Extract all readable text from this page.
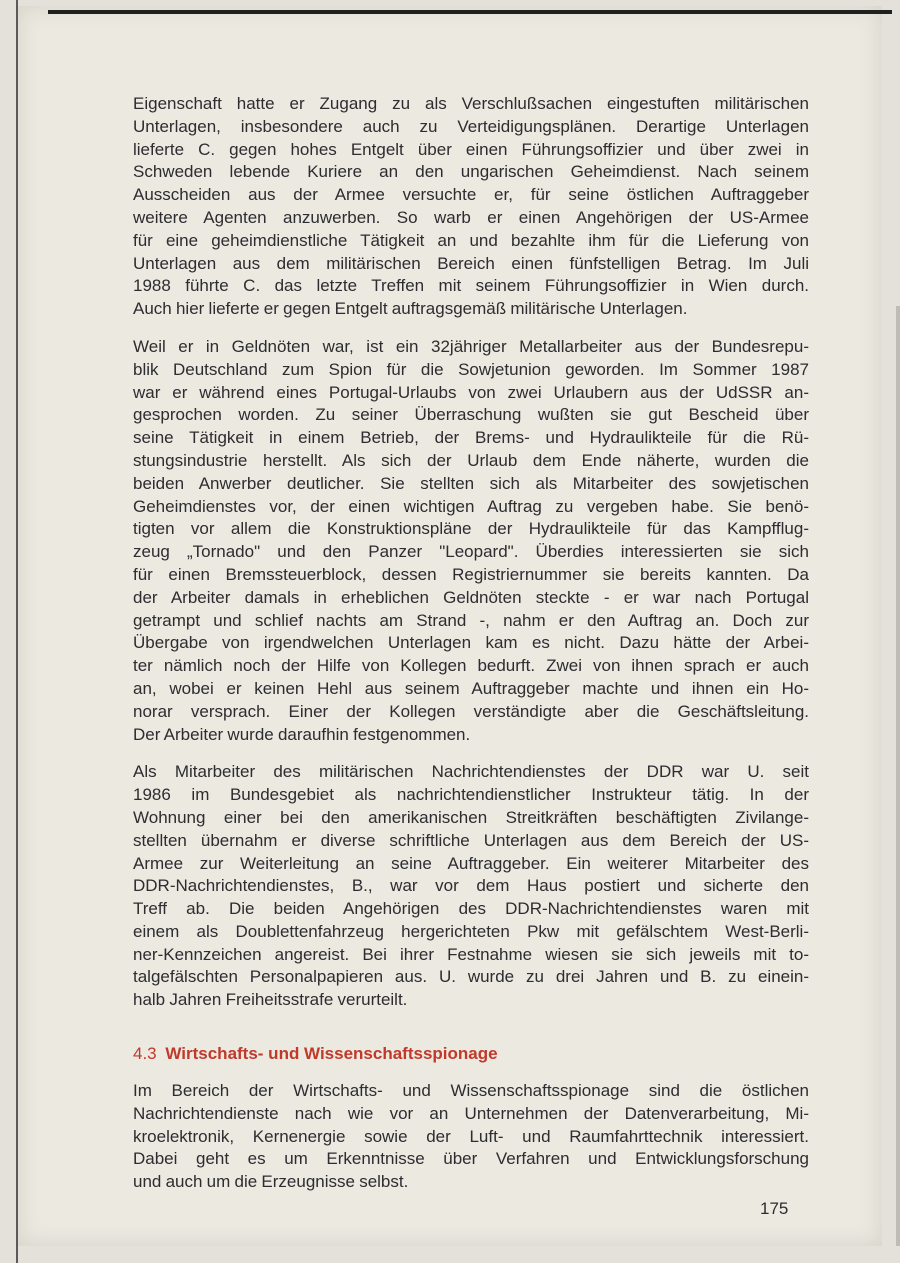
Eigenschaft hatte er Zugang zu als Verschlußsachen eingestuften militärischen
Unterlagen, insbesondere auch zu Verteidigungsplänen. Derartige Unterlagen
lieferte C. gegen hohes Entgelt über einen Führungsoffizier und über zwei in
Schweden lebende Kuriere an den ungarischen Geheimdienst. Nach seinem
Ausscheiden aus der Armee versuchte er, für seine östlichen Auftraggeber
weitere Agenten anzuwerben. So warb er einen Angehörigen der US-Armee
für eine geheimdienstliche Tätigkeit an und bezahlte ihm für die Lieferung von
Unterlagen aus dem militärischen Bereich einen fünfstelligen Betrag. Im Juli
1988 führte C. das letzte Treffen mit seinem Führungsoffizier in Wien durch.
Auch hier lieferte er gegen Entgelt auftragsgemäß militärische Unterlagen.
Weil er in Geldnöten war, ist ein 32jähriger Metallarbeiter aus der Bundesrepu-
blik Deutschland zum Spion für die Sowjetunion geworden. Im Sommer 1987
war er während eines Portugal-Urlaubs von zwei Urlaubern aus der UdSSR an-
gesprochen worden. Zu seiner Überraschung wußten sie gut Bescheid über
seine Tätigkeit in einem Betrieb, der Brems- und Hydraulikteile für die Rü-
stungsindustrie herstellt. Als sich der Urlaub dem Ende näherte, wurden die
beiden Anwerber deutlicher. Sie stellten sich als Mitarbeiter des sowjetischen
Geheimdienstes vor, der einen wichtigen Auftrag zu vergeben habe. Sie benö-
tigten vor allem die Konstruktionspläne der Hydraulikteile für das Kampfflug-
zeug „Tornado" und den Panzer "Leopard". Überdies interessierten sie sich
für einen Bremssteuerblock, dessen Registriernummer sie bereits kannten. Da
der Arbeiter damals in erheblichen Geldnöten steckte - er war nach Portugal
getrampt und schlief nachts am Strand -, nahm er den Auftrag an. Doch zur
Übergabe von irgendwelchen Unterlagen kam es nicht. Dazu hätte der Arbei-
ter nämlich noch der Hilfe von Kollegen bedurft. Zwei von ihnen sprach er auch
an, wobei er keinen Hehl aus seinem Auftraggeber machte und ihnen ein Ho-
norar versprach. Einer der Kollegen verständigte aber die Geschäftsleitung.
Der Arbeiter wurde daraufhin festgenommen.
Als Mitarbeiter des militärischen Nachrichtendienstes der DDR war U. seit
1986 im Bundesgebiet als nachrichtendienstlicher Instrukteur tätig. In der
Wohnung einer bei den amerikanischen Streitkräften beschäftigten Zivilange-
stellten übernahm er diverse schriftliche Unterlagen aus dem Bereich der US-
Armee zur Weiterleitung an seine Auftraggeber. Ein weiterer Mitarbeiter des
DDR-Nachrichtendienstes, B., war vor dem Haus postiert und sicherte den
Treff ab. Die beiden Angehörigen des DDR-Nachrichtendienstes waren mit
einem als Doublettenfahrzeug hergerichteten Pkw mit gefälschtem West-Berli-
ner-Kennzeichen angereist. Bei ihrer Festnahme wiesen sie sich jeweils mit to-
talgefälschten Personalpapieren aus. U. wurde zu drei Jahren und B. zu einein-
halb Jahren Freiheitsstrafe verurteilt.
4.3 Wirtschafts- und Wissenschaftsspionage
Im Bereich der Wirtschafts- und Wissenschaftsspionage sind die östlichen
Nachrichtendienste nach wie vor an Unternehmen der Datenverarbeitung, Mi-
kroelektronik, Kernenergie sowie der Luft- und Raumfahrttechnik interessiert.
Dabei geht es um Erkenntnisse über Verfahren und Entwicklungsforschung
und auch um die Erzeugnisse selbst.
175
